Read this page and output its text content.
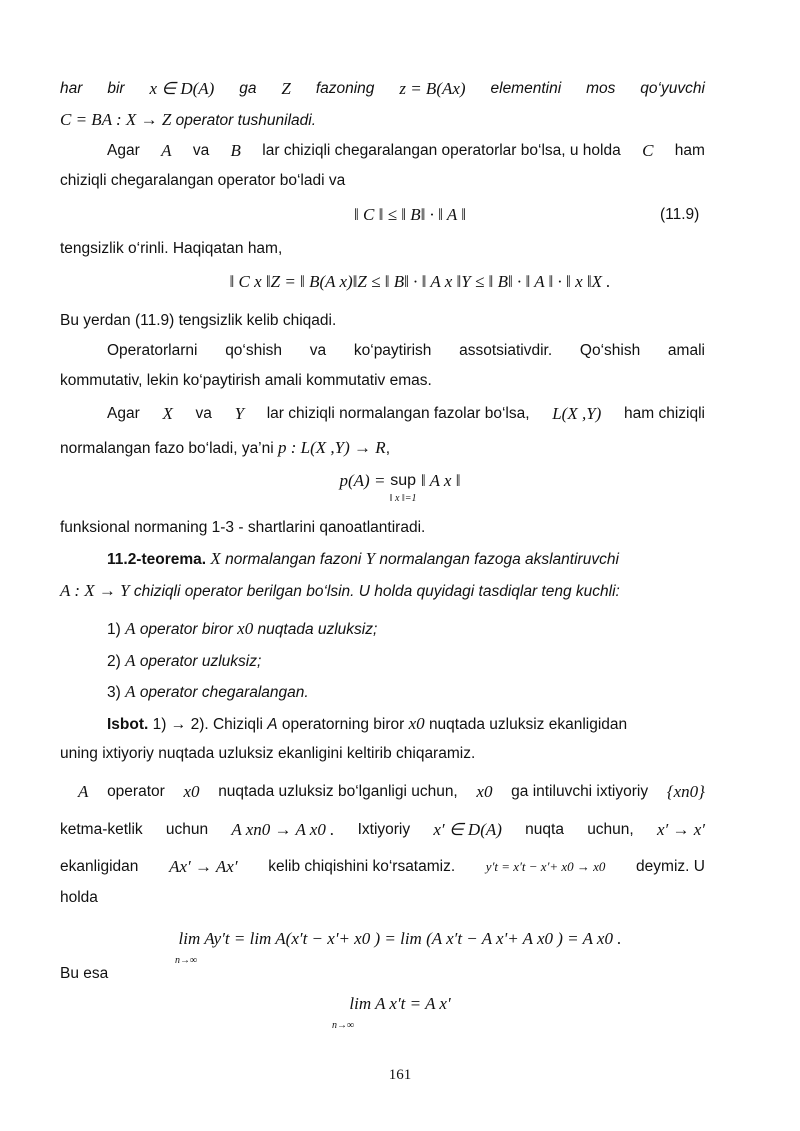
har bir x ∈ D(A) ga Z fazoning z = B(Ax) elementini mos qo‘yuvchi
C = BA : X → Z operator tushuniladi.
Agar A va B lar chiziqli chegaralangan operatorlar bo‘lsa, u holda C ham
chiziqli chegaralangan operator bo‘ladi va
‖ C ‖ ≤ ‖ B‖ · ‖ A ‖	(11.9)
tengsizlik o‘rinli. Haqiqatan ham,
‖ C x ‖Z = ‖ B(A x)‖Z ≤ ‖ B‖ · ‖ A x ‖Y ≤ ‖ B‖ · ‖ A ‖ · ‖ x ‖X .
Bu yerdan (11.9) tengsizlik kelib chiqadi.
Operatorlarni qo‘shish va ko‘paytirish assotsiativdir. Qo‘shish amali
kommutativ, lekin ko‘paytirish amali kommutativ emas.
Agar X va Y lar chiziqli normalangan fazolar bo‘lsa, L(X ,Y) ham chiziqli
normalangan fazo bo‘ladi, ya’ni p : L(X ,Y) → R,
p(A) = sup
‖ x ‖=1
‖ A x ‖
funksional normaning 1-3 - shartlarini qanoatlantiradi.
11.2-teorema. X normalangan fazoni Y normalangan fazoga akslantiruvchi
A : X → Y chiziqli operator berilgan bo‘lsin. U holda quyidagi tasdiqlar teng kuchli:
1) A operator biror x0 nuqtada uzluksiz;
2) A operator uzluksiz;
3) A operator chegaralangan.
Isbot. 1) → 2). Chiziqli A operatorning biror x0 nuqtada uzluksiz ekanligidan
uning ixtiyoriy nuqtada uzluksiz ekanligini keltirib chiqaramiz.
A operator x0 nuqtada uzluksiz bo‘lganligi uchun, x0 ga intiluvchi ixtiyoriy {xn0}
ketma-ketlik uchun A xn0 → A x0 . Ixtiyoriy x′ ∈ D(A) nuqta uchun, x′ → x′
ekanligidan Ax′ → Ax′ kelib chiqishini ko‘rsatamiz. y′t = x′t − x'+ x0 → x0 deymiz. U
holda
lim Ay′t = lim A(x′t − x'+ x0 ) = lim (A x′t − A x'+ A x0 ) = A x0 .
n→∞
Bu esa
lim A x′t = A x'
n→∞
161
